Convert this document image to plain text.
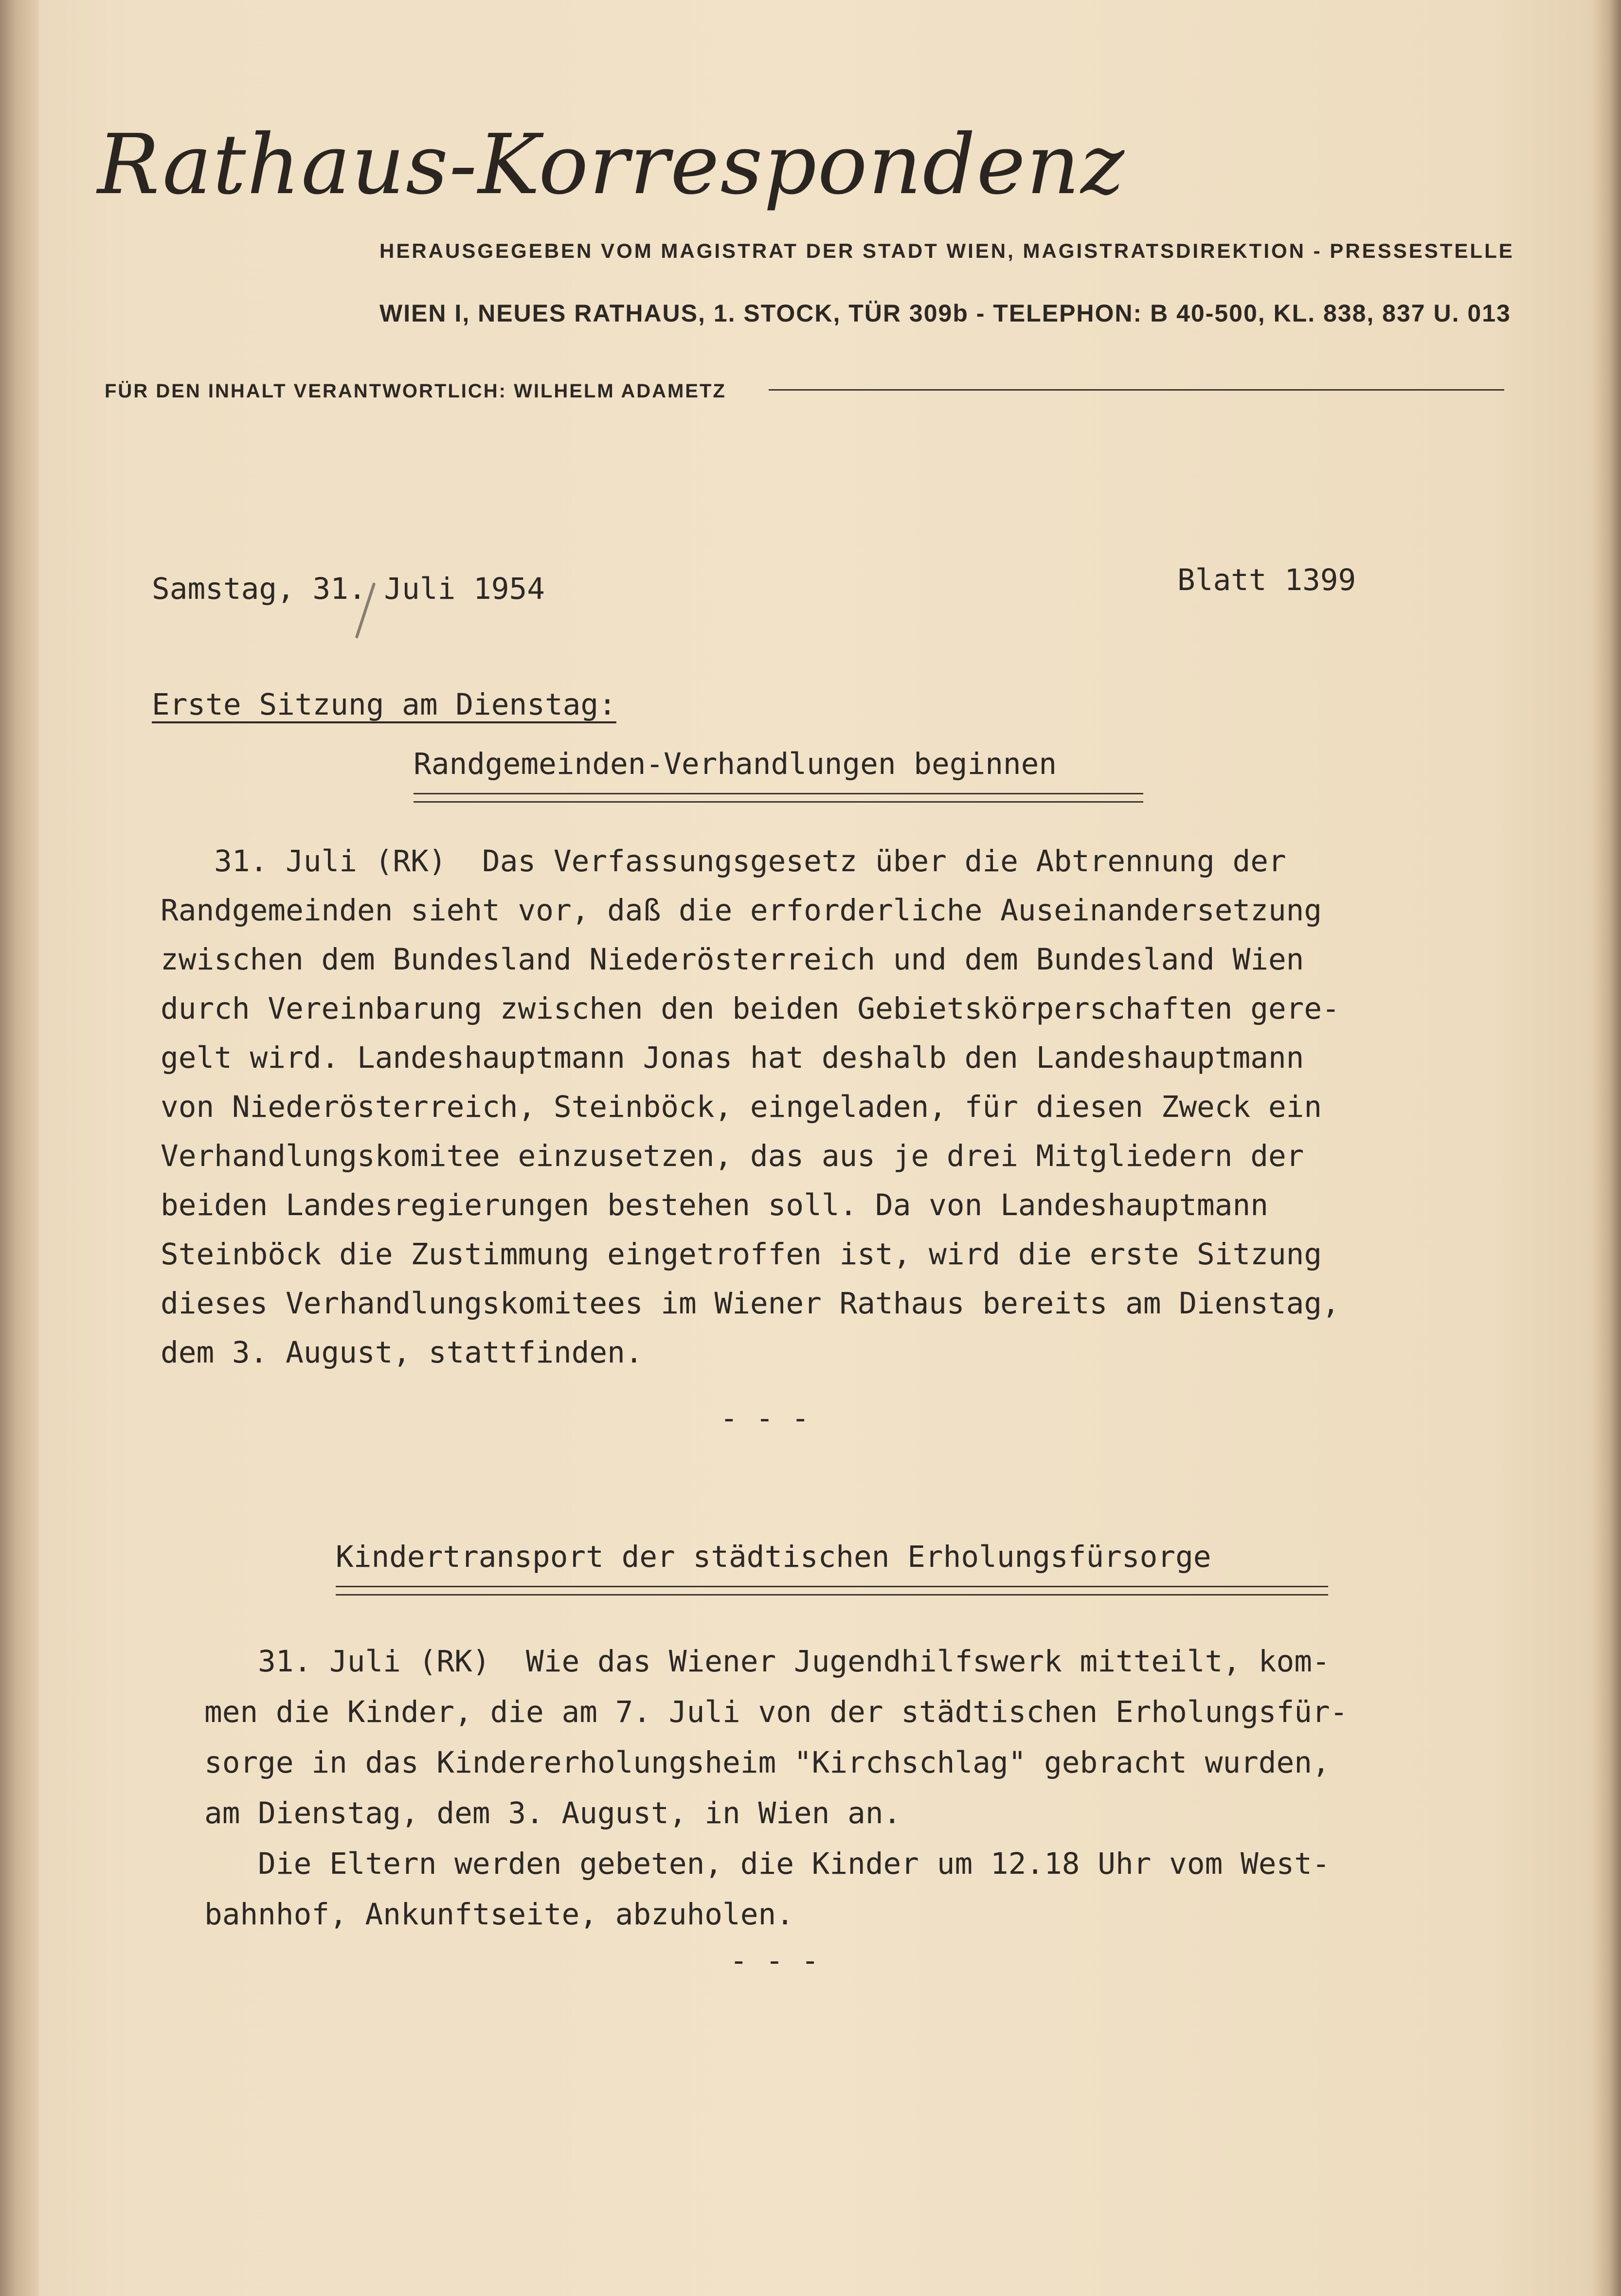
Rathaus-Korrespondenz
HERAUSGEGEBEN VOM MAGISTRAT DER STADT WIEN, MAGISTRATSDIREKTION - PRESSESTELLE
WIEN I, NEUES RATHAUS, 1. STOCK, TÜR 309b - TELEPHON: B 40-500, KL. 838, 837 U. 013
FÜR DEN INHALT VERANTWORTLICH: WILHELM ADAMETZ
Samstag, 31. Juli 1954	Blatt 1399
Erste Sitzung am Dienstag:
Randgemeinden-Verhandlungen beginnen
31. Juli (RK)  Das Verfassungsgesetz über die Abtrennung der
Randgemeinden sieht vor, daß die erforderliche Auseinandersetzung
zwischen dem Bundesland Niederösterreich und dem Bundesland Wien
durch Vereinbarung zwischen den beiden Gebietskörperschaften gere-
gelt wird. Landeshauptmann Jonas hat deshalb den Landeshauptmann
von Niederösterreich, Steinböck, eingeladen, für diesen Zweck ein
Verhandlungskomitee einzusetzen, das aus je drei Mitgliedern der
beiden Landesregierungen bestehen soll. Da von Landeshauptmann
Steinböck die Zustimmung eingetroffen ist, wird die erste Sitzung
dieses Verhandlungskomitees im Wiener Rathaus bereits am Dienstag,
dem 3. August, stattfinden.
- - -
Kindertransport der städtischen Erholungsfürsorge
31. Juli (RK)  Wie das Wiener Jugendhilfswerk mitteilt, kom-
men die Kinder, die am 7. Juli von der städtischen Erholungsfür-
sorge in das Kindererholungsheim "Kirchschlag" gebracht wurden,
am Dienstag, dem 3. August, in Wien an.
Die Eltern werden gebeten, die Kinder um 12.18 Uhr vom West-
bahnhof, Ankunftseite, abzuholen.
- - -
